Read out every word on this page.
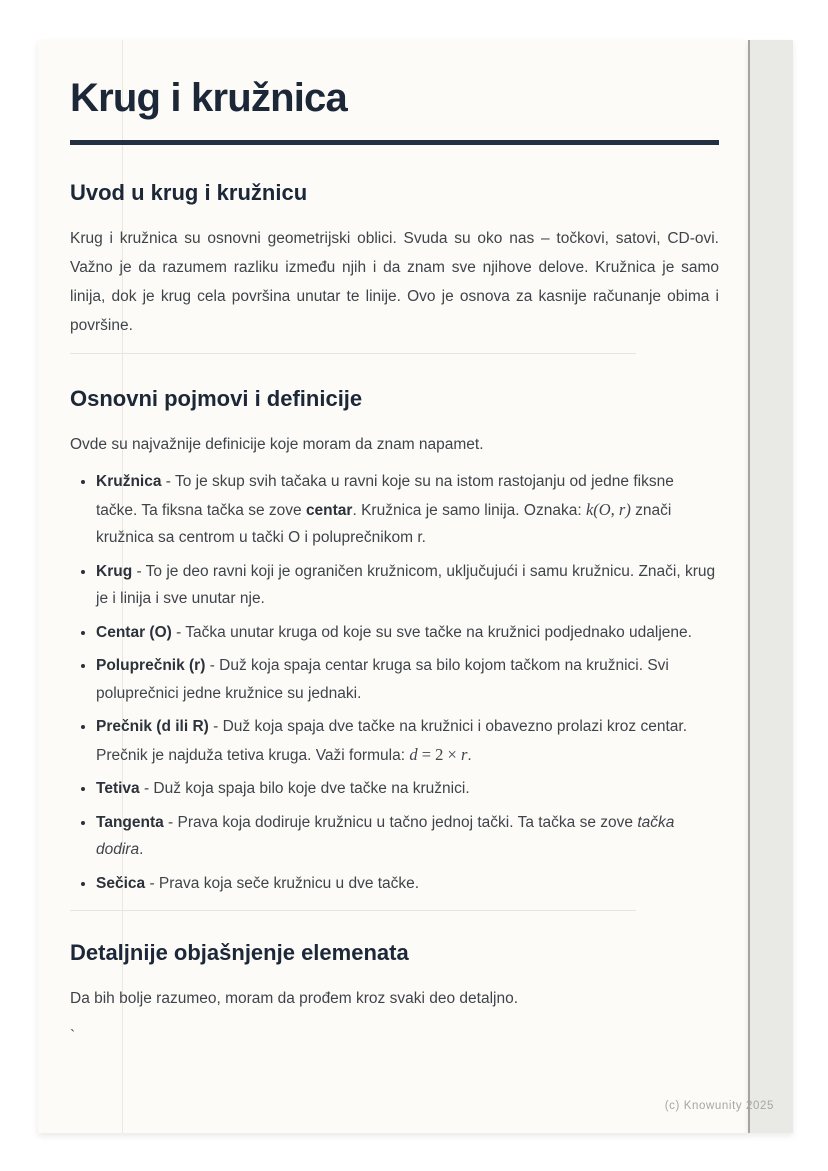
Krug i kružnica
Uvod u krug i kružnicu

Krug i kružnica su osnovni geometrijski oblici. Svuda su oko nas – točkovi, satovi, CD-ovi. Važno je da razumem razliku između njih i da znam sve njihove delove. Kružnica je samo linija, dok je krug cela površina unutar te linije. Ovo je osnova za kasnije računanje obima i površine.

Osnovni pojmovi i definicije

Ovde su najvažnije definicije koje moram da znam napamet.

• Kružnica - To je skup svih tačaka u ravni koje su na istom rastojanju od jedne fiksne tačke. Ta fiksna tačka se zove centar. Kružnica je samo linija. Oznaka: k(O, r) znači kružnica sa centrom u tački O i poluprečnikom r.
• Krug - To je deo ravni koji je ograničen kružnicom, uključujući i samu kružnicu. Znači, krug je i linija i sve unutar nje.
• Centar (O) - Tačka unutar kruga od koje su sve tačke na kružnici podjednako udaljene.
• Poluprečnik (r) - Duž koja spaja centar kruga sa bilo kojom tačkom na kružnici. Svi poluprečnici jedne kružnice su jednaki.
• Prečnik (d ili R) - Duž koja spaja dve tačke na kružnici i obavezno prolazi kroz centar. Prečnik je najduža tetiva kruga. Važi formula: d = 2 × r.
• Tetiva - Duž koja spaja bilo koje dve tačke na kružnici.
• Tangenta - Prava koja dodiruje kružnicu u tačno jednoj tački. Ta tačka se zove tačka dodira.
• Sečica - Prava koja seče kružnicu u dve tačke.
Detaljnije objašnjenje elemenata

Da bih bolje razumeo, moram da prođem kroz svaki deo detaljno.

`
(c) Knowunity 2025
